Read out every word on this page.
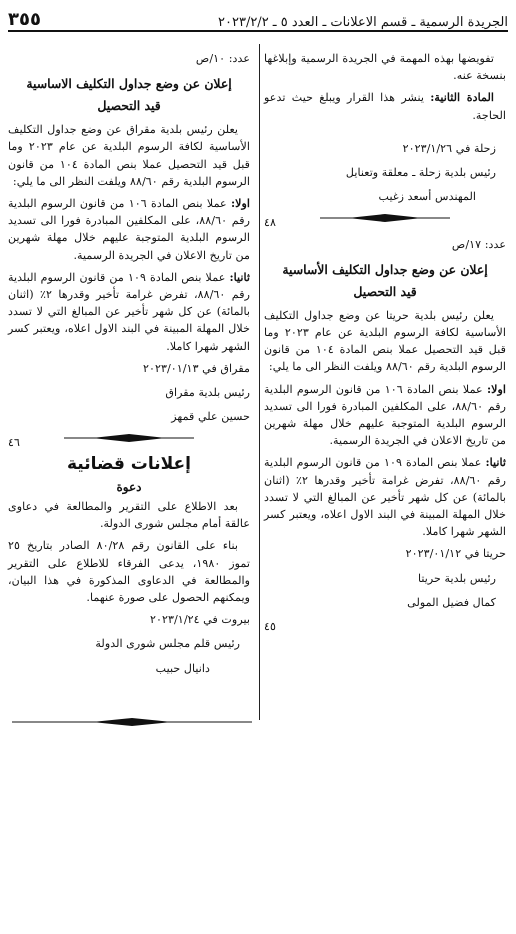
الجريدة الرسمية ـ قسم الاعلانات ـ العدد ٥ ـ ٢٠٢٣/٢/٢
٣٥٥

تفويضها بهذه المهمة في الجريدة الرسمية وإبلاغها بنسخة عنه.

المادة الثانية: ينشر هذا القرار ويبلغ حيث تدعو الحاجة.

زحلة في ٢٠٢٣/١/٢٦
رئيس بلدية زحلة ـ معلقة وتعنايل
المهندس أسعد زغيب
٤٨
عدد: ١٧/ص
إعلان عن وضع جداول التكليف الأساسية
قيد التحصيل

يعلن رئيس بلدية حريتا عن وضع جداول التكليف الأساسية لكافة الرسوم البلدية عن عام ٢٠٢٣ وما قبل قيد التحصيل عملا بنص المادة ١٠٤ من قانون الرسوم البلدية رقم ٨٨/٦٠ ويلفت النظر الى ما يلي:

اولا: عملا بنص المادة ١٠٦ من قانون الرسوم البلدية رقم ٨٨/٦٠، على المكلفين المبادرة فورا الى تسديد الرسوم البلدية المتوجبة عليهم خلال مهلة شهرين من تاريخ الاعلان في الجريدة الرسمية.

ثانيا: عملا بنص المادة ١٠٩ من قانون الرسوم البلدية رقم ٨٨/٦٠، تفرض غرامة تأخير وقدرها ٢٪ (اثنان بالمائة) عن كل شهر تأخير عن المبالغ التي لا تسدد خلال المهلة المبينة في البند الاول اعلاه، ويعتبر كسر الشهر شهرا كاملا.

حريتا في ٢٠٢٣/٠١/١٢
رئيس بلدية حريتا
كمال فضيل المولى
٤٥
عدد: ١٠/ص
إعلان عن وضع جداول التكليف الاساسية
قيد التحصيل

يعلن رئيس بلدية مقراق عن وضع جداول التكليف الأساسية لكافة الرسوم البلدية عن عام ٢٠٢٣ وما قبل قيد التحصيل عملا بنص المادة ١٠٤ من قانون الرسوم البلدية رقم ٨٨/٦٠ ويلفت النظر الى ما يلي:

اولا: عملا بنص المادة ١٠٦ من قانون الرسوم البلدية رقم ٨٨/٦٠، على المكلفين المبادرة فورا الى تسديد الرسوم البلدية المتوجبة عليهم خلال مهلة شهرين من تاريخ الاعلان في الجريدة الرسمية.

ثانيا: عملا بنص المادة ١٠٩ من قانون الرسوم البلدية رقم ٨٨/٦٠، تفرض غرامة تأخير وقدرها ٢٪ (اثنان بالمائة) عن كل شهر تأخير عن المبالغ التي لا تسدد خلال المهلة المبينة في البند الاول اعلاه، ويعتبر كسر الشهر شهرا كاملا.

مقراق في ٢٠٢٣/٠١/١٣
رئيس بلدية مقراق
حسين علي قمهز
٤٦
إعلانات قضائية
دعوة

بعد الاطلاع على التقرير والمطالعة في دعاوى عالقة أمام مجلس شورى الدولة.

بناء على القانون رقم ٨٠/٢٨ الصادر بتاريخ ٢٥ تموز ١٩٨٠، يدعى الفرقاء للاطلاع على التقرير والمطالعة في الدعاوى المذكورة في هذا البيان، ويمكنهم الحصول على صورة عنهما.

بيروت في ٢٠٢٣/١/٢٤
رئيس قلم مجلس شورى الدولة
دانيال حبيب
